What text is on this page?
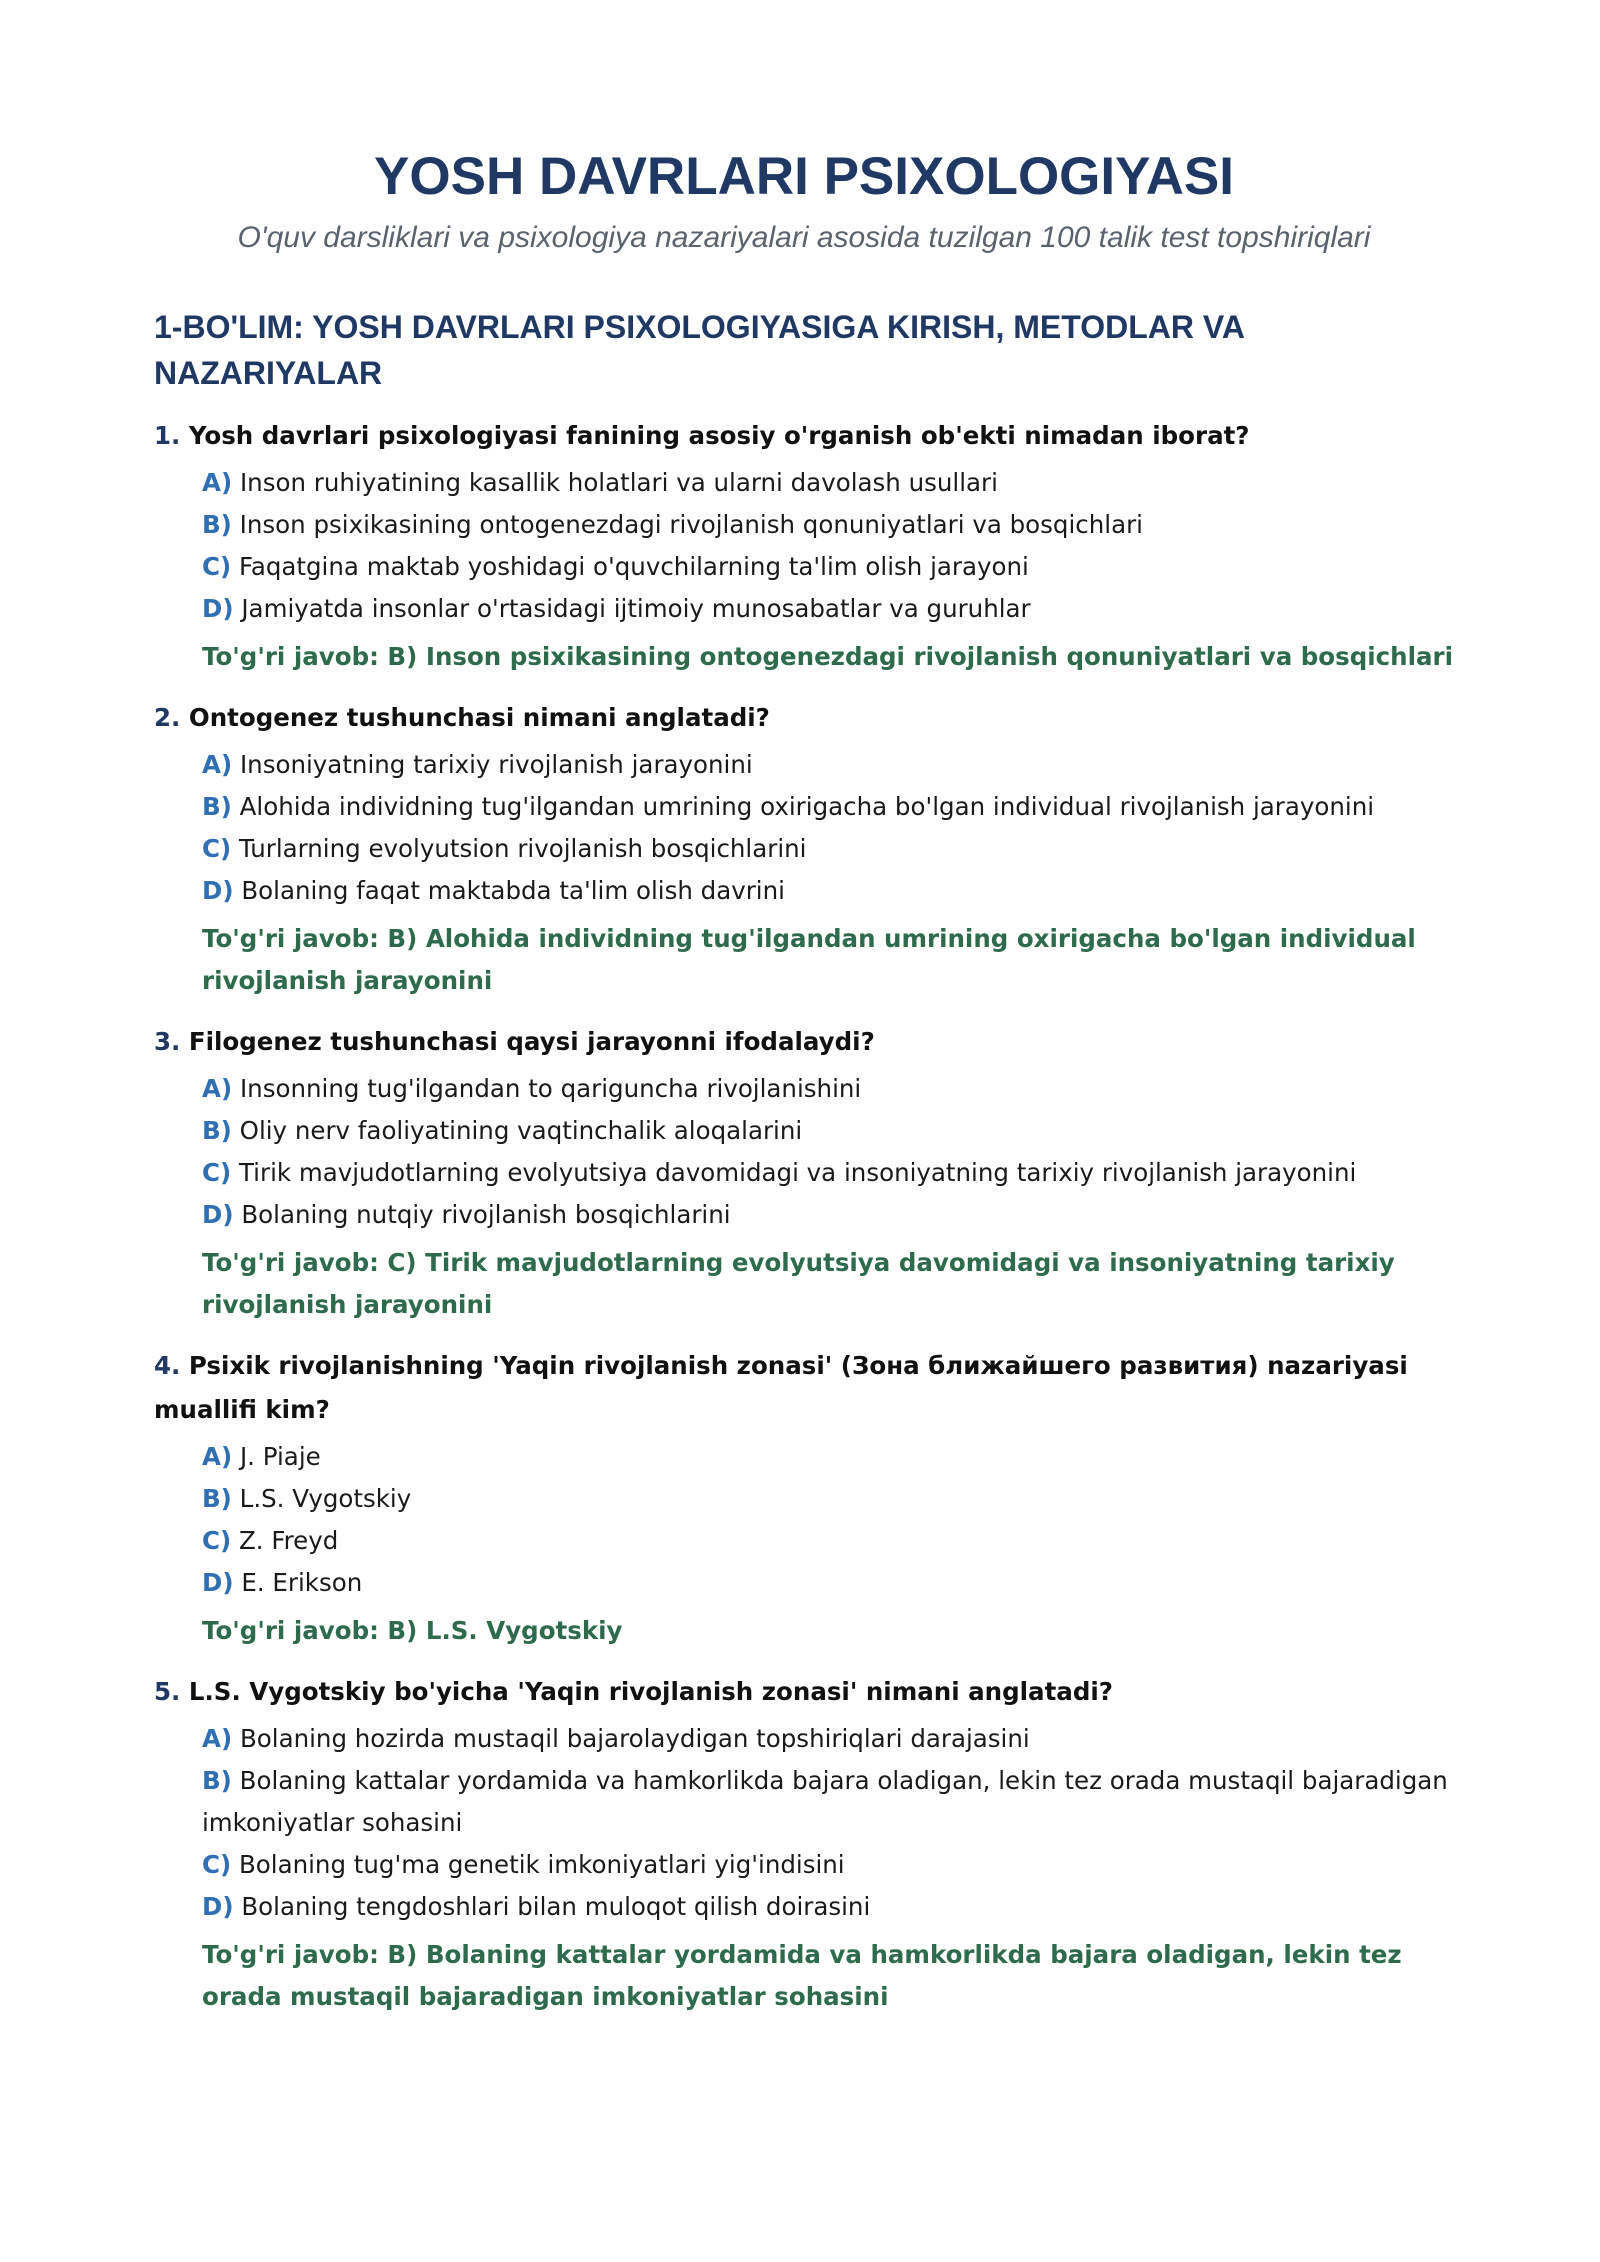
YOSH DAVRLARI PSIXOLOGIYASI

O'quv darsliklari va psixologiya nazariyalari asosida tuzilgan 100 talik test topshiriqlari

1-BO'LIM: YOSH DAVRLARI PSIXOLOGIYASIGA KIRISH, METODLAR VA NAZARIYALAR

1. Yosh davrlari psixologiyasi fanining asosiy o'rganish ob'ekti nimadan iborat?

A) Inson ruhiyatining kasallik holatlari va ularni davolash usullari

B) Inson psixikasining ontogenezdagi rivojlanish qonuniyatlari va bosqichlari

C) Faqatgina maktab yoshidagi o'quvchilarning ta'lim olish jarayoni

D) Jamiyatda insonlar o'rtasidagi ijtimoiy munosabatlar va guruhlar

To'g'ri javob: B) Inson psixikasining ontogenezdagi rivojlanish qonuniyatlari va bosqichlari

2. Ontogenez tushunchasi nimani anglatadi?

A) Insoniyatning tarixiy rivojlanish jarayonini

B) Alohida individning tug'ilgandan umrining oxirigacha bo'lgan individual rivojlanish jarayonini

C) Turlarning evolyutsion rivojlanish bosqichlarini

D) Bolaning faqat maktabda ta'lim olish davrini

To'g'ri javob: B) Alohida individning tug'ilgandan umrining oxirigacha bo'lgan individual rivojlanish jarayonini

3. Filogenez tushunchasi qaysi jarayonni ifodalaydi?

A) Insonning tug'ilgandan to qariguncha rivojlanishini

B) Oliy nerv faoliyatining vaqtinchalik aloqalarini

C) Tirik mavjudotlarning evolyutsiya davomidagi va insoniyatning tarixiy rivojlanish jarayonini

D) Bolaning nutqiy rivojlanish bosqichlarini

To'g'ri javob: C) Tirik mavjudotlarning evolyutsiya davomidagi va insoniyatning tarixiy rivojlanish jarayonini

4. Psixik rivojlanishning 'Yaqin rivojlanish zonasi' (Зона ближайшего развития) nazariyasi muallifi kim?

A) J. Piaje

B) L.S. Vygotskiy

C) Z. Freyd

D) E. Erikson

To'g'ri javob: B) L.S. Vygotskiy

5. L.S. Vygotskiy bo'yicha 'Yaqin rivojlanish zonasi' nimani anglatadi?

A) Bolaning hozirda mustaqil bajarolaydigan topshiriqlari darajasini

B) Bolaning kattalar yordamida va hamkorlikda bajara oladigan, lekin tez orada mustaqil bajaradigan imkoniyatlar sohasini

C) Bolaning tug'ma genetik imkoniyatlari yig'indisini

D) Bolaning tengdoshlari bilan muloqot qilish doirasini

To'g'ri javob: B) Bolaning kattalar yordamida va hamkorlikda bajara oladigan, lekin tez orada mustaqil bajaradigan imkoniyatlar sohasini
